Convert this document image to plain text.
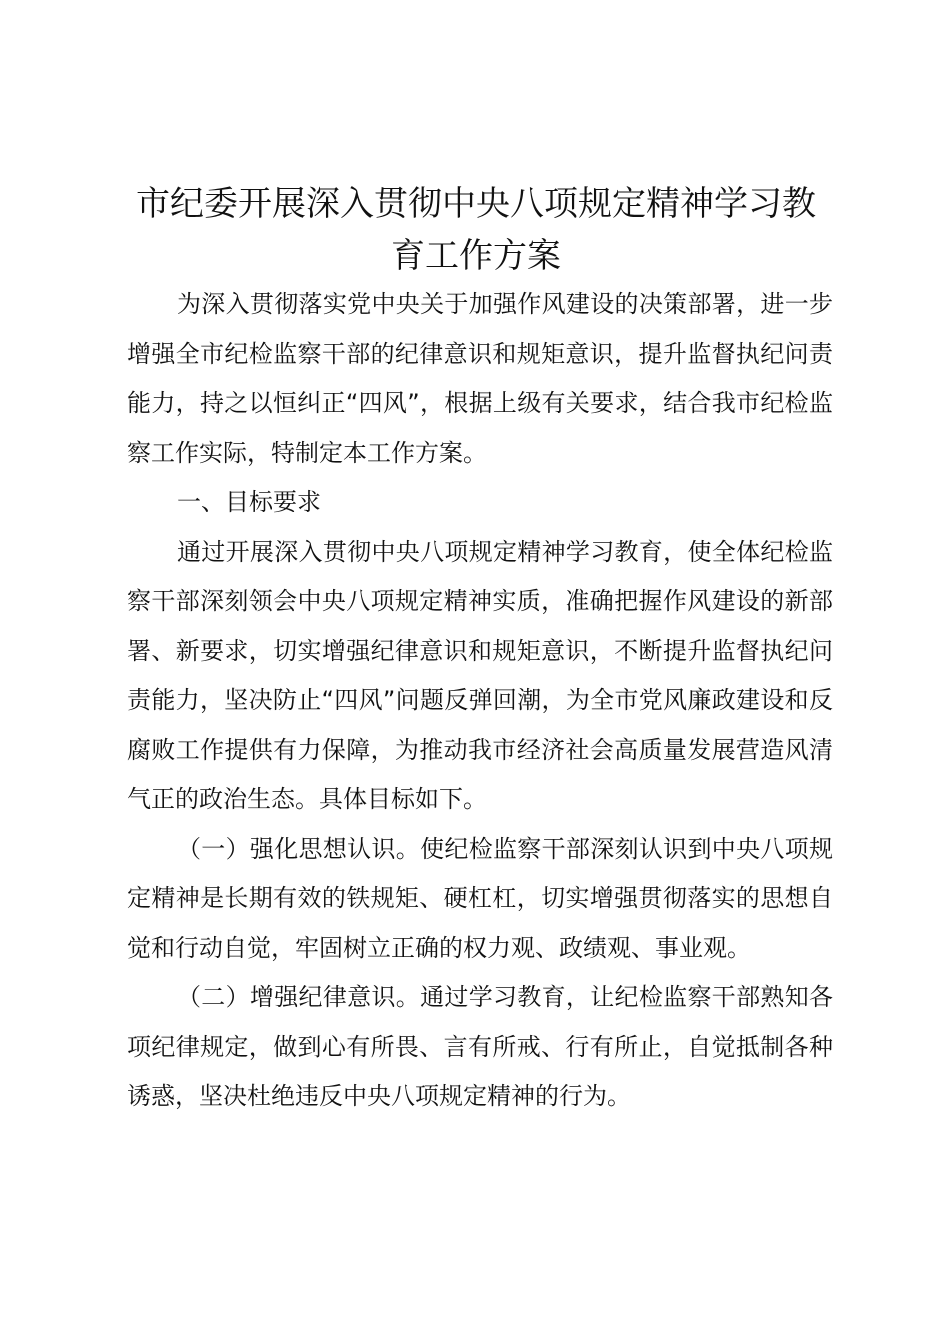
市纪委开展深入贯彻中央八项规定精神学习教育工作方案

为深入贯彻落实党中央关于加强作风建设的决策部署，进一步增强全市纪检监察干部的纪律意识和规矩意识，提升监督执纪问责能力，持之以恒纠正“四风”，根据上级有关要求，结合我市纪检监察工作实际，特制定本工作方案。

一、目标要求

通过开展深入贯彻中央八项规定精神学习教育，使全体纪检监察干部深刻领会中央八项规定精神实质，准确把握作风建设的新部署、新要求，切实增强纪律意识和规矩意识，不断提升监督执纪问责能力，坚决防止“四风”问题反弹回潮，为全市党风廉政建设和反腐败工作提供有力保障，为推动我市经济社会高质量发展营造风清气正的政治生态。具体目标如下。

（一）强化思想认识。使纪检监察干部深刻认识到中央八项规定精神是长期有效的铁规矩、硬杠杠，切实增强贯彻落实的思想自觉和行动自觉，牢固树立正确的权力观、政绩观、事业观。

（二）增强纪律意识。通过学习教育，让纪检监察干部熟知各项纪律规定，做到心有所畏、言有所戒、行有所止，自觉抵制各种诱惑，坚决杜绝违反中央八项规定精神的行为。
